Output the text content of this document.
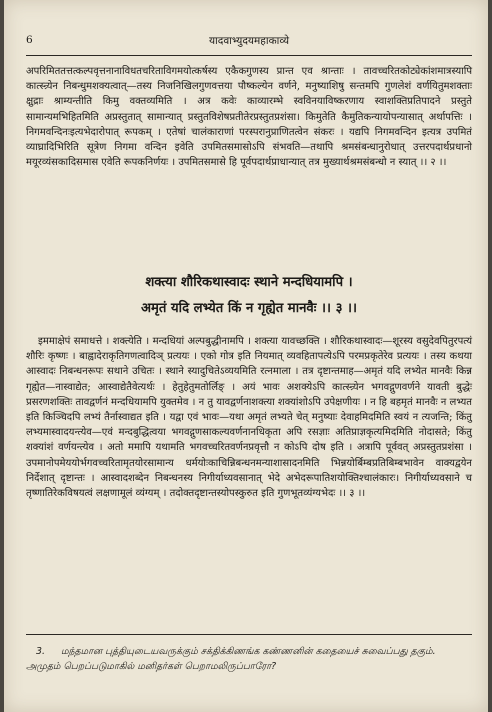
6	यादवाभ्युदयमहाकाव्ये

अपरिमिततत्तत्कल्पवृत्तनानाविधतचरिताविगमयोत्कर्षस्य एकैकगुणस्य प्रान्त एव श्रान्ताः । तावच्चरितकोट्येकांशमात्रस्यापि कात्स्न्र्येन निबन्धुमशक्यत्वात्—तस्य निजनिखिलगुणवत्तया पौष्कल्येन वर्णने, मनुष्याशिषु सन्तमपि गुणलेशं वर्णयितुमशक्ताः क्षुद्राः श्राम्यन्तीति किमु वक्तव्यमिति । अत्र कवेः काव्यारम्भे स्वविनयाविष्करणाय स्वाशक्तिप्रतिपादने प्रस्तुते सामान्यमभिहितमिति अप्रस्तुतात् सामान्यात् प्रस्तुतविशेषप्रतीतेरप्रस्तुतप्रशंसा। किमुतेति कैमुतिकन्यायोपन्यासात् अर्थापत्तिः । निगमवन्दिनःइत्यभेदारोपात् रूपकम् । एतेषां चालंकाराणां परस्परानुप्राणितत्वेन संकरः । यद्यपि निगमवन्दिन इत्यत्र उपमितं व्याघ्रादिभिरिति सूत्रेण निगमा वन्दिन इवेति उपमितसमासोऽपि संभवति—तथापि श्रमसंबन्धानुरोधात् उत्तरपदार्थप्रधानो मयूरव्यंसकादिसमास एवेति रूपकनिर्णयः । उपमितसमासे हि पूर्वपदार्थप्राधान्यात् तत्र मुख्यार्थश्रमसंबन्धो न स्यात् ।। २ ।।

शक्त्या शौरिकथास्वादः स्थाने मन्दधियामपि ।
अमृतं यदि लभ्येत किं न गृह्येत मानवैः ।। ३ ।।

इममाक्षेपं समाधत्ते । शक्त्येति । मन्दधियां अल्पबुद्धीनामपि । शक्त्या यावच्छक्ति । शौरिकथास्वादः—शूरस्य वसुदेवपितुरपत्यं शौरिः कृष्णः । बाह्वादेराकृतिगणत्वादिञ् प्रत्ययः । एको गोत्र इति नियमात् व्यवहितापत्येऽपि परमप्रकृतेरेव प्रत्ययः । तस्य कथया आस्वादः निबन्धनरूपः सथाने उचितः । स्थाने स्यादुचितेऽव्ययमिति रत्नमाला । तत्र दृष्टान्तमाह—अमृतं यदि लभ्येत मानवैः किन्न गृह्येत—नास्वाद्येत; आस्वाद्येतैवेत्यर्थः । हेतुहेतुमतोर्लिङ् । अयं भावः अशक्येऽपि कात्स्न्र्येन भगवद्गुणवर्णने यावती बुद्धेः प्रसरणशक्तिः तावद्वर्णनं मन्दधियामपि युक्तमेव । न तु यावद्वर्णनाशक्त्या शक्यांशोऽपि उपेक्षणीयः । न हि बहमृतं मानवैः न लभ्यत इति किञ्चिदपि लभ्यं तैर्नास्वाद्यत इति । यद्वा एवं भावः—यथा अमृतं लभ्यते चेत् मनुष्याः देवाहमिदमिति स्वयं न त्यजन्ति; किंतु लभ्यमास्वादयन्त्येव—एवं मन्दबुद्धित्वया भगवद्गुणसाकल्यवर्णनानधिकृता अपि रसज्ञाः अतिप्राज्ञकृत्यमिदमिति नोदासते; किंतु शक्यांशं वर्णयन्त्येव । अतो ममापि यथामति भगवच्चरितवर्णनप्रवृत्तौ न कोऽपि दोष इति । अत्रापि पूर्ववत् अप्रस्तुतप्रशंसा । उपमानोपमेययोर्भगवच्चरितामृतयोरसामान्य धर्मयोःकाचिन्निबन्धनमन्याशासादनमिति भिन्नयोर्बिम्बप्रतिबिम्बभावेन वाक्यद्वयेन निर्देशात् दृष्टान्तः । आस्वादशब्देन निबन्धनस्य निगीर्याध्यवसानात् भेदे अभेदरूपातिशयोक्तिश्चालंकारः। निगीर्याध्यवसाने च तृष्णातिरेकविषयत्वं लक्षणामूलं व्यंग्यम् । तदोक्तदृष्टान्तस्योपस्कुरुत इति गुणभूतव्यंग्यभेदः ।। ३ ।।

3. மந்தமான புத்தியுடையவருக்கும் சக்திக்கிணங்க கண்ணனின் கதையைச் சுவைப்பது தகும். அமுதம் பெறப்படுமாகில் மனிதர்கள் பெறாமலிருப்பாரோ?
